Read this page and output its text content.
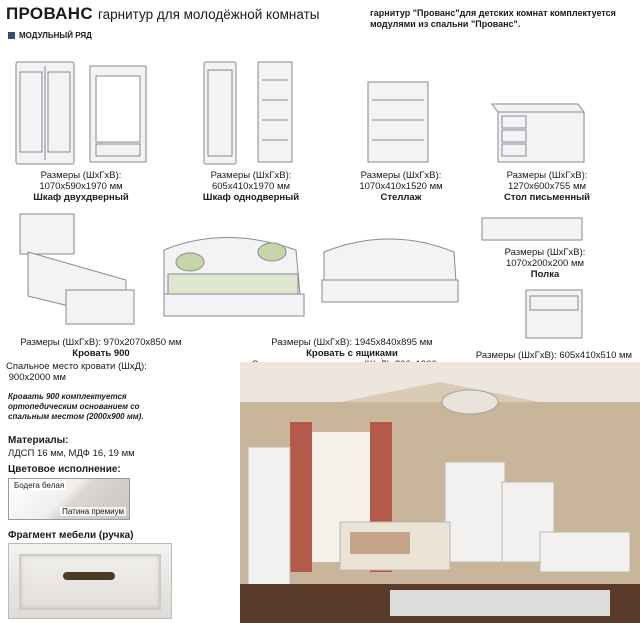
ПРОВАНС гарнитур для молодёжной комнаты	гарнитур "Прованс"для детских комнат комплектуется модулями из спальни "Прованс".
МОДУЛЬНЫЙ РЯД
Размеры (ШхГхВ):
1070х590х1970 мм
Шкаф двухдверный
Размеры (ШхГхВ):
605х410х1970 мм
Шкаф однодверный
Размеры (ШхГхВ):
1070х410х1520 мм
Стеллаж
Размеры (ШхГхВ):
1270х600х755 мм
Стол письменный
Размеры (ШхГхВ):
1070х200х200 мм
Полка
Размеры (ШхГхВ): 970х2070х850 мм
Кровать 900
Спальное место кровати (ШхД):
900х2000 мм
Размеры (ШхГхВ): 1945х840х895 мм
Кровать с ящиками	Размеры (ШхГхВ): 605х410х510 мм
Кровать 900 комплектуется ортопедическим основанием со спальным местом (2000х900 мм).
Материалы:
ЛДСП 16 мм, МДФ 16, 19 мм
Цветовое исполнение:
Бодега белая
Патина премиум
Фрагмент мебели (ручка)
